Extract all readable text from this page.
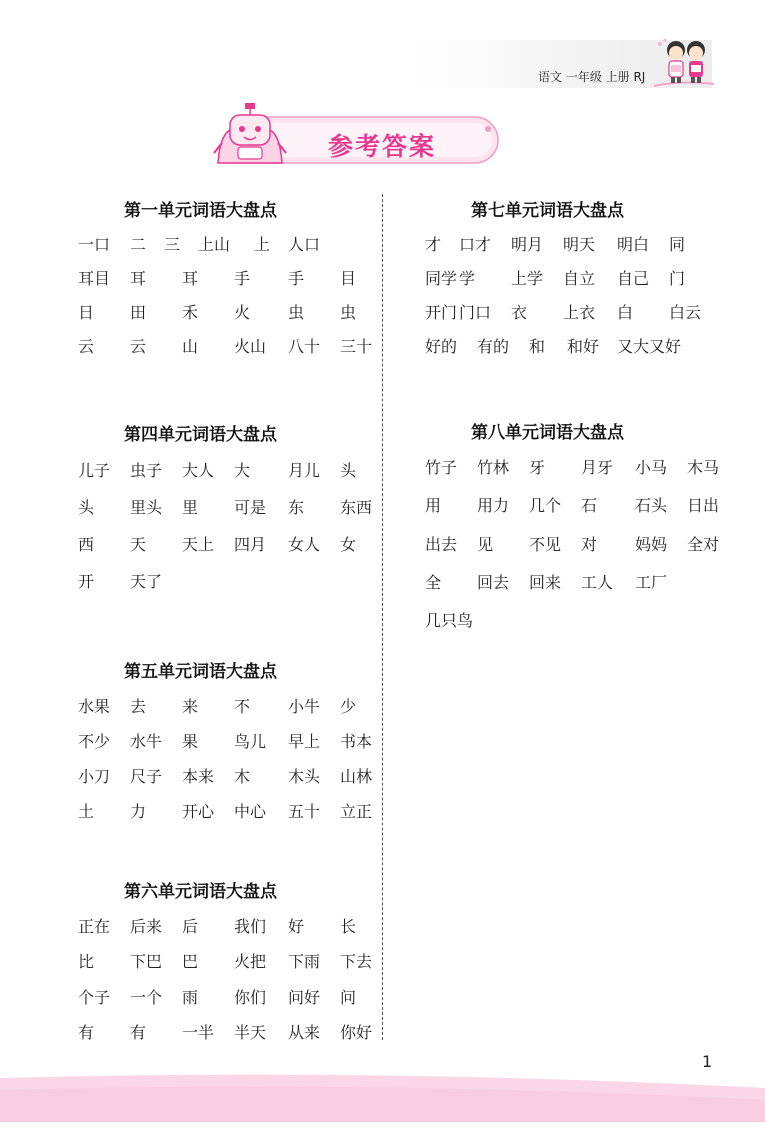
语文 一年级 上册 RJ
参考答案
第一单元词语大盘点
一口 二 三 上山 上 人口
耳目 耳 耳 手 手 目
日 田 禾 火 虫 虫
云 云 山 火山 八十 三十
第四单元词语大盘点
儿子 虫子 大人 大 月儿 头
头 里头 里 可是 东 东西
西 天 天上 四月 女人 女
开 天了
第五单元词语大盘点
水果 去 来 不 小牛 少
不少 水牛 果 鸟儿 早上 书本
小刀 尺子 本来 木 木头 山林
土 力 开心 中心 五十 立正
第六单元词语大盘点
正在 后来 后 我们 好 长
比 下巴 巴 火把 下雨 下去
个子 一个 雨 你们 问好 问
有 有 一半 半天 从来 你好
第七单元词语大盘点
才 口才 明月 明天 明白 同
同学 学 上学 自立 自己 门
开门 门口 衣 上衣 白 白云
好的 有的 和 和好 又大又好
第八单元词语大盘点
竹子 竹林 牙 月牙 小马 木马
用 用力 几个 石 石头 日出
出去 见 不见 对 妈妈 全对
全 回去 回来 工人 工厂
几只鸟
1
